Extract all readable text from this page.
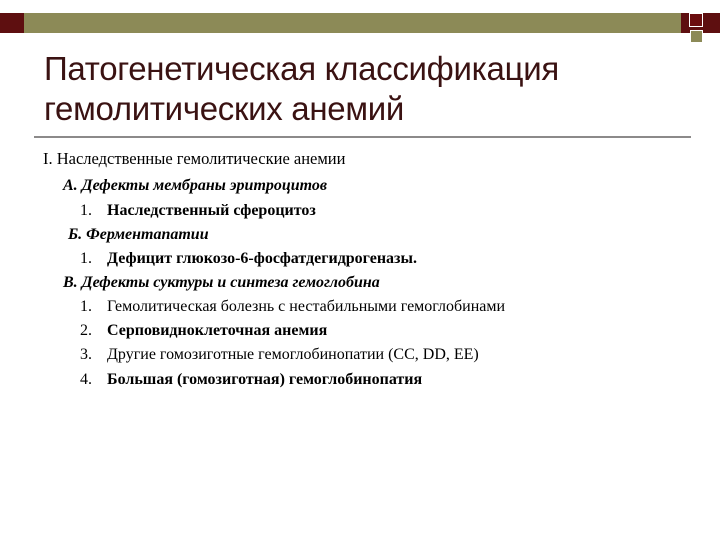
Патогенетическая классификация
гемолитических анемий
I. Наследственные гемолитические анемии
А. Дефекты мембраны эритроцитов
1. Наследственный сфероцитоз
Б. Ферментапатии
1. Дефицит глюкозо-6-фосфатдегидрогеназы.
В. Дефекты суктуры и синтеза гемоглобина
1. Гемолитическая болезнь с нестабильными гемоглобинами
2. Серповидноклеточная анемия
3. Другие гомозиготные гемоглобинопатии (CC, DD, EE)
4. Большая (гомозиготная) гемоглобинопатия
